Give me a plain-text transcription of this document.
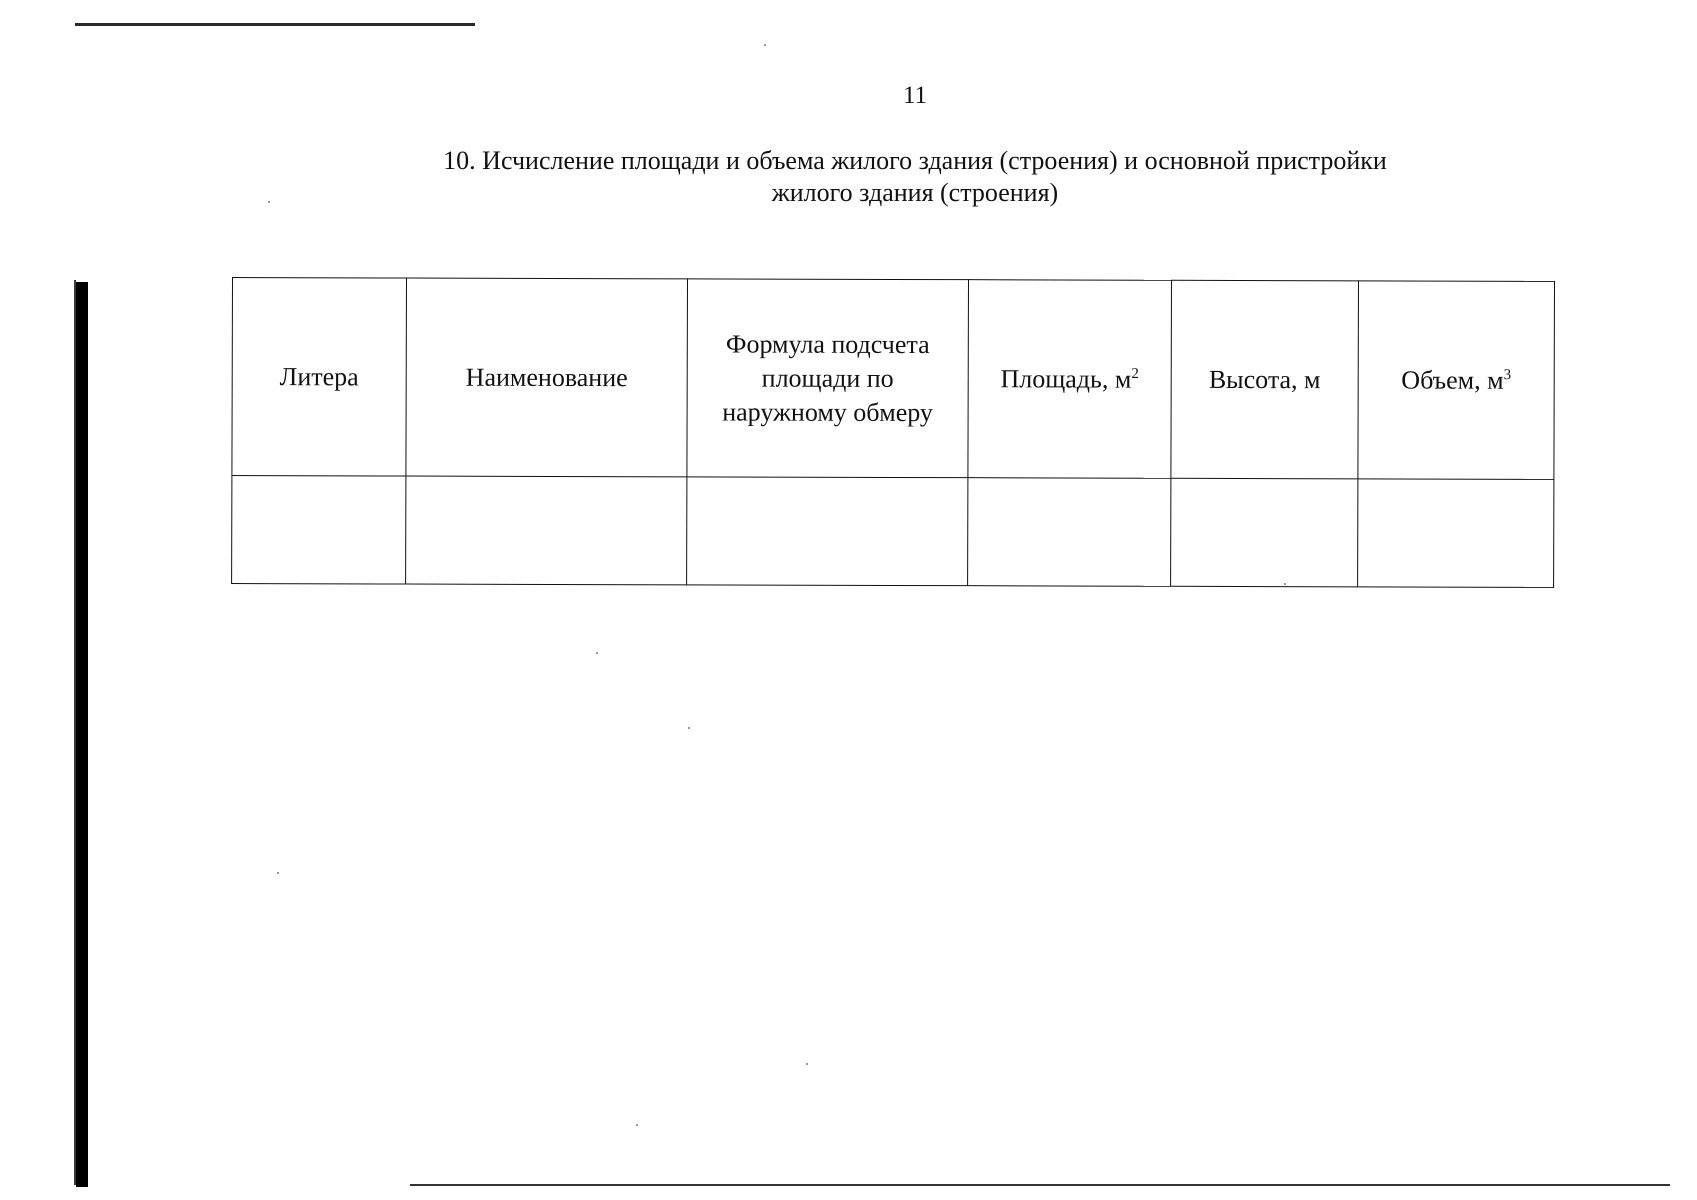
11
10. Исчисление площади и объема жилого здания (строения) и основной пристройки
жилого здания (строения)
Литера	Наименование	Формула подсчета
площади по
наружному обмеру	Площадь, $м^2$	Высота, м	Объем, $м^3$
